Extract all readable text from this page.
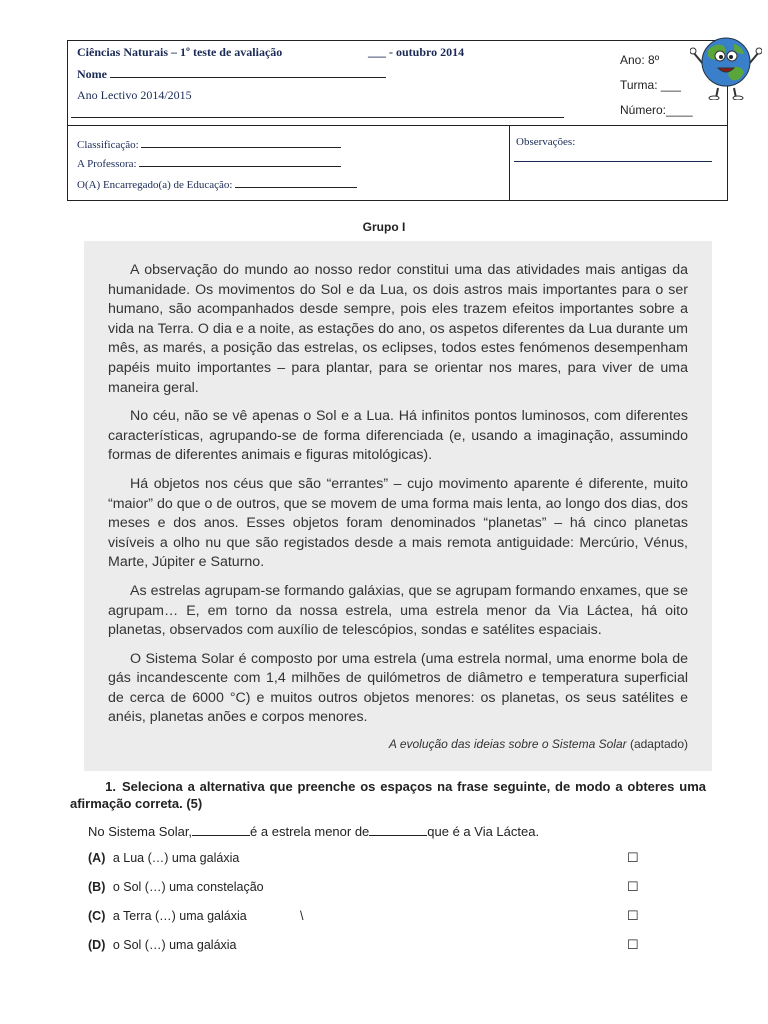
Ciências Naturais – 1º teste de avaliação	___ - outubro 2014
Nome
Ano Lectivo 2014/2015
Ano: 8º
Turma: ___
Número:____
Classificação:
A Professora:
O(A) Encarregado(a) de Educação:
Observações:
Grupo I

A observação do mundo ao nosso redor constitui uma das atividades mais antigas da humanidade. Os movimentos do Sol e da Lua, os dois astros mais importantes para o ser humano, são acompanhados desde sempre, pois eles trazem efeitos importantes sobre a vida na Terra. O dia e a noite, as estações do ano, os aspetos diferentes da Lua durante um mês, as marés, a posição das estrelas, os eclipses, todos estes fenómenos desempenham papéis muito importantes – para plantar, para se orientar nos mares, para viver de uma maneira geral.

No céu, não se vê apenas o Sol e a Lua. Há infinitos pontos luminosos, com diferentes características, agrupando-se de forma diferenciada (e, usando a imaginação, assumindo formas de diferentes animais e figuras mitológicas).

Há objetos nos céus que são “errantes” – cujo movimento aparente é diferente, muito “maior” do que o de outros, que se movem de uma forma mais lenta, ao longo dos dias, dos meses e dos anos. Esses objetos foram denominados “planetas” – há cinco planetas visíveis a olho nu que são registados desde a mais remota antiguidade: Mercúrio, Vénus, Marte, Júpiter e Saturno.

As estrelas agrupam-se formando galáxias, que se agrupam formando enxames, que se agrupam… E, em torno da nossa estrela, uma estrela menor da Via Láctea, há oito planetas, observados com auxílio de telescópios, sondas e satélites espaciais.

O Sistema Solar é composto por uma estrela (uma estrela normal, uma enorme bola de gás incandescente com 1,4 milhões de quilómetros de diâmetro e temperatura superficial de cerca de 6000 °C) e muitos outros objetos menores: os planetas, os seus satélites e anéis, planetas anões e corpos menores.

A evolução das ideias sobre o Sistema Solar (adaptado)
1. Seleciona a alternativa que preenche os espaços na frase seguinte, de modo a obteres uma afirmação correta. (5)
No Sistema Solar,	é a estrela menor de	que é a Via Láctea.
(A) a Lua (…) uma galáxia	☐
(B) o Sol (…) uma constelação	☐
(C) a Terra (…) uma galáxia	\	☐
(D) o Sol (…) uma galáxia	☐
